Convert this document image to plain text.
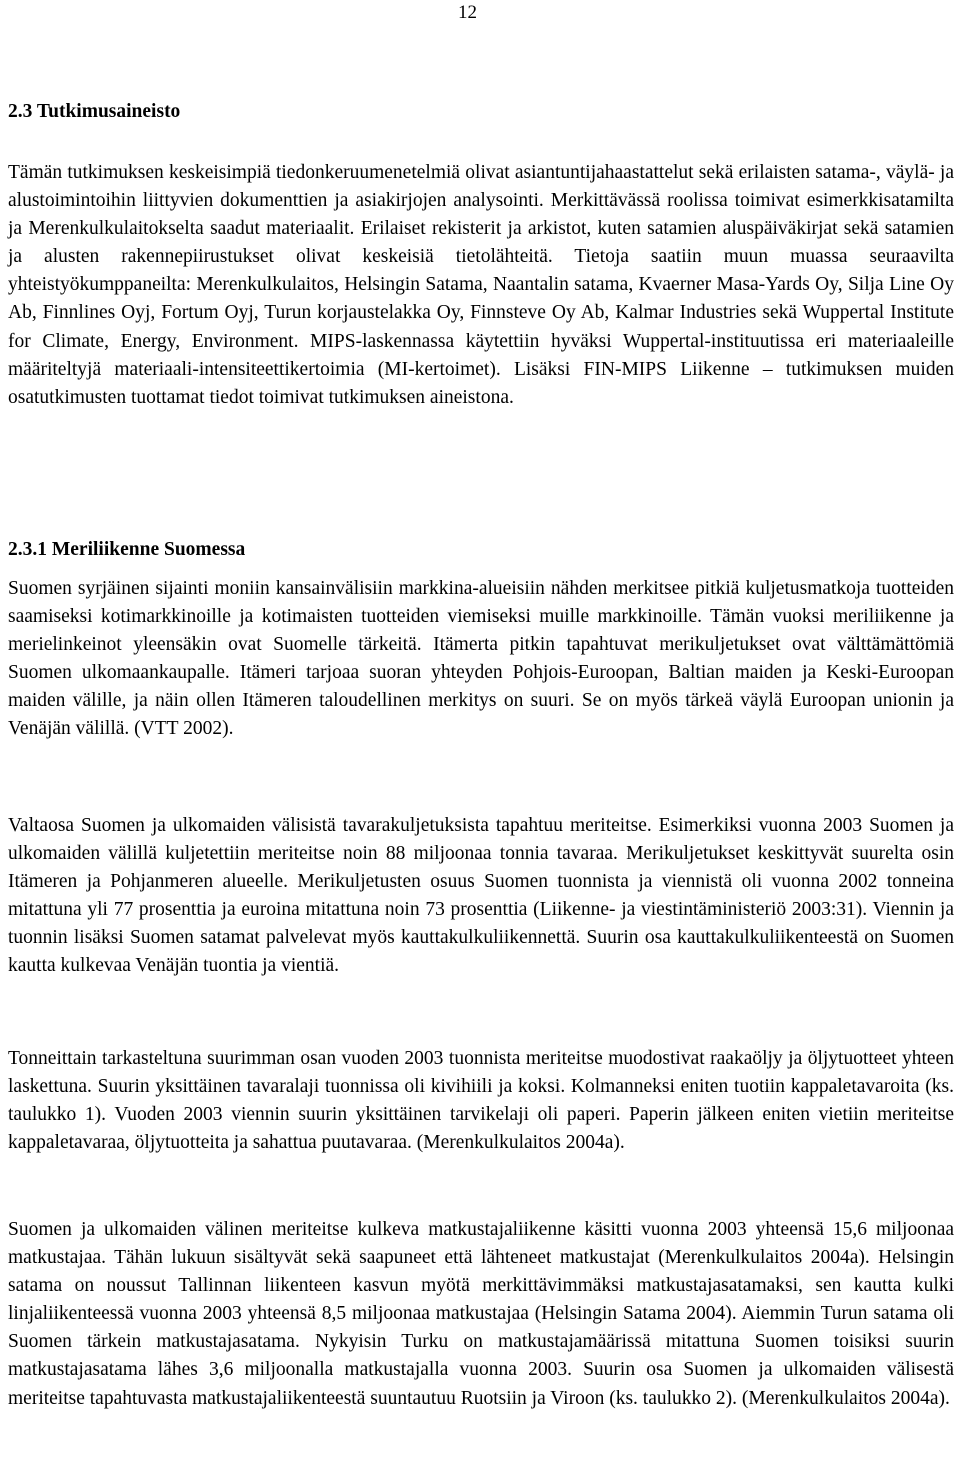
12
2.3 Tutkimusaineisto

Tämän tutkimuksen keskeisimpiä tiedonkeruumenetelmiä olivat asiantuntijahaastattelut sekä erilaisten satama-, väylä- ja alustoimintoihin liittyvien dokumenttien ja asiakirjojen analysointi. Merkittävässä roolissa toimivat esimerkkisatamilta ja Merenkulkulaitokselta saadut materiaalit. Erilaiset rekisterit ja arkistot, kuten satamien aluspäiväkirjat sekä satamien ja alusten rakennepiirustukset olivat keskeisiä tietolähteitä. Tietoja saatiin muun muassa seuraavilta yhteistyökumppaneilta: Merenkulkulaitos, Helsingin Satama, Naantalin satama, Kvaerner Masa-Yards Oy, Silja Line Oy Ab, Finnlines Oyj, Fortum Oyj, Turun korjaustelakka Oy, Finnsteve Oy Ab, Kalmar Industries sekä Wuppertal Institute for Climate, Energy, Environment. MIPS-laskennassa käytettiin hyväksi Wuppertal-instituutissa eri materiaaleille määriteltyjä materiaali-intensiteettikertoimia (MI-kertoimet). Lisäksi FIN-MIPS Liikenne – tutkimuksen muiden osatutkimusten tuottamat tiedot toimivat tutkimuksen aineistona.

2.3.1 Meriliikenne Suomessa

Suomen syrjäinen sijainti moniin kansainvälisiin markkina-alueisiin nähden merkitsee pitkiä kuljetusmatkoja tuotteiden saamiseksi kotimarkkinoille ja kotimaisten tuotteiden viemiseksi muille markkinoille. Tämän vuoksi meriliikenne ja merielinkeinot yleensäkin ovat Suomelle tärkeitä. Itämerta pitkin tapahtuvat merikuljetukset ovat välttämättömiä Suomen ulkomaankaupalle. Itämeri tarjoaa suoran yhteyden Pohjois-Euroopan, Baltian maiden ja Keski-Euroopan maiden välille, ja näin ollen Itämeren taloudellinen merkitys on suuri. Se on myös tärkeä väylä Euroopan unionin ja Venäjän välillä. (VTT 2002).

Valtaosa Suomen ja ulkomaiden välisistä tavarakuljetuksista tapahtuu meriteitse. Esimerkiksi vuonna 2003 Suomen ja ulkomaiden välillä kuljetettiin meriteitse noin 88 miljoonaa tonnia tavaraa. Merikuljetukset keskittyvät suurelta osin Itämeren ja Pohjanmeren alueelle. Merikuljetusten osuus Suomen tuonnista ja viennistä oli vuonna 2002 tonneina mitattuna yli 77 prosenttia ja euroina mitattuna noin 73 prosenttia (Liikenne- ja viestintäministeriö 2003:31). Viennin ja tuonnin lisäksi Suomen satamat palvelevat myös kauttakulkuliikennettä. Suurin osa kauttakulkuliikenteestä on Suomen kautta kulkevaa Venäjän tuontia ja vientiä.

Tonneittain tarkasteltuna suurimman osan vuoden 2003 tuonnista meriteitse muodostivat raakaöljy ja öljytuotteet yhteen laskettuna. Suurin yksittäinen tavaralaji tuonnissa oli kivihiili ja koksi. Kolmanneksi eniten tuotiin kappaletavaroita (ks. taulukko 1). Vuoden 2003 viennin suurin yksittäinen tarvikelaji oli paperi. Paperin jälkeen eniten vietiin meriteitse kappaletavaraa, öljytuotteita ja sahattua puutavaraa. (Merenkulkulaitos 2004a).

Suomen ja ulkomaiden välinen meriteitse kulkeva matkustajaliikenne käsitti vuonna 2003 yhteensä 15,6 miljoonaa matkustajaa. Tähän lukuun sisältyvät sekä saapuneet että lähteneet matkustajat (Merenkulkulaitos 2004a). Helsingin satama on noussut Tallinnan liikenteen kasvun myötä merkittävimmäksi matkustajasatamaksi, sen kautta kulki linjaliikenteessä vuonna 2003 yhteensä 8,5 miljoonaa matkustajaa (Helsingin Satama 2004). Aiemmin Turun satama oli Suomen tärkein matkustajasatama. Nykyisin Turku on matkustajamäärissä mitattuna Suomen toisiksi suurin matkustajasatama lähes 3,6 miljoonalla matkustajalla vuonna 2003. Suurin osa Suomen ja ulkomaiden välisestä meriteitse tapahtuvasta matkustajaliikenteestä suuntautuu Ruotsiin ja Viroon (ks. taulukko 2). (Merenkulkulaitos 2004a).
